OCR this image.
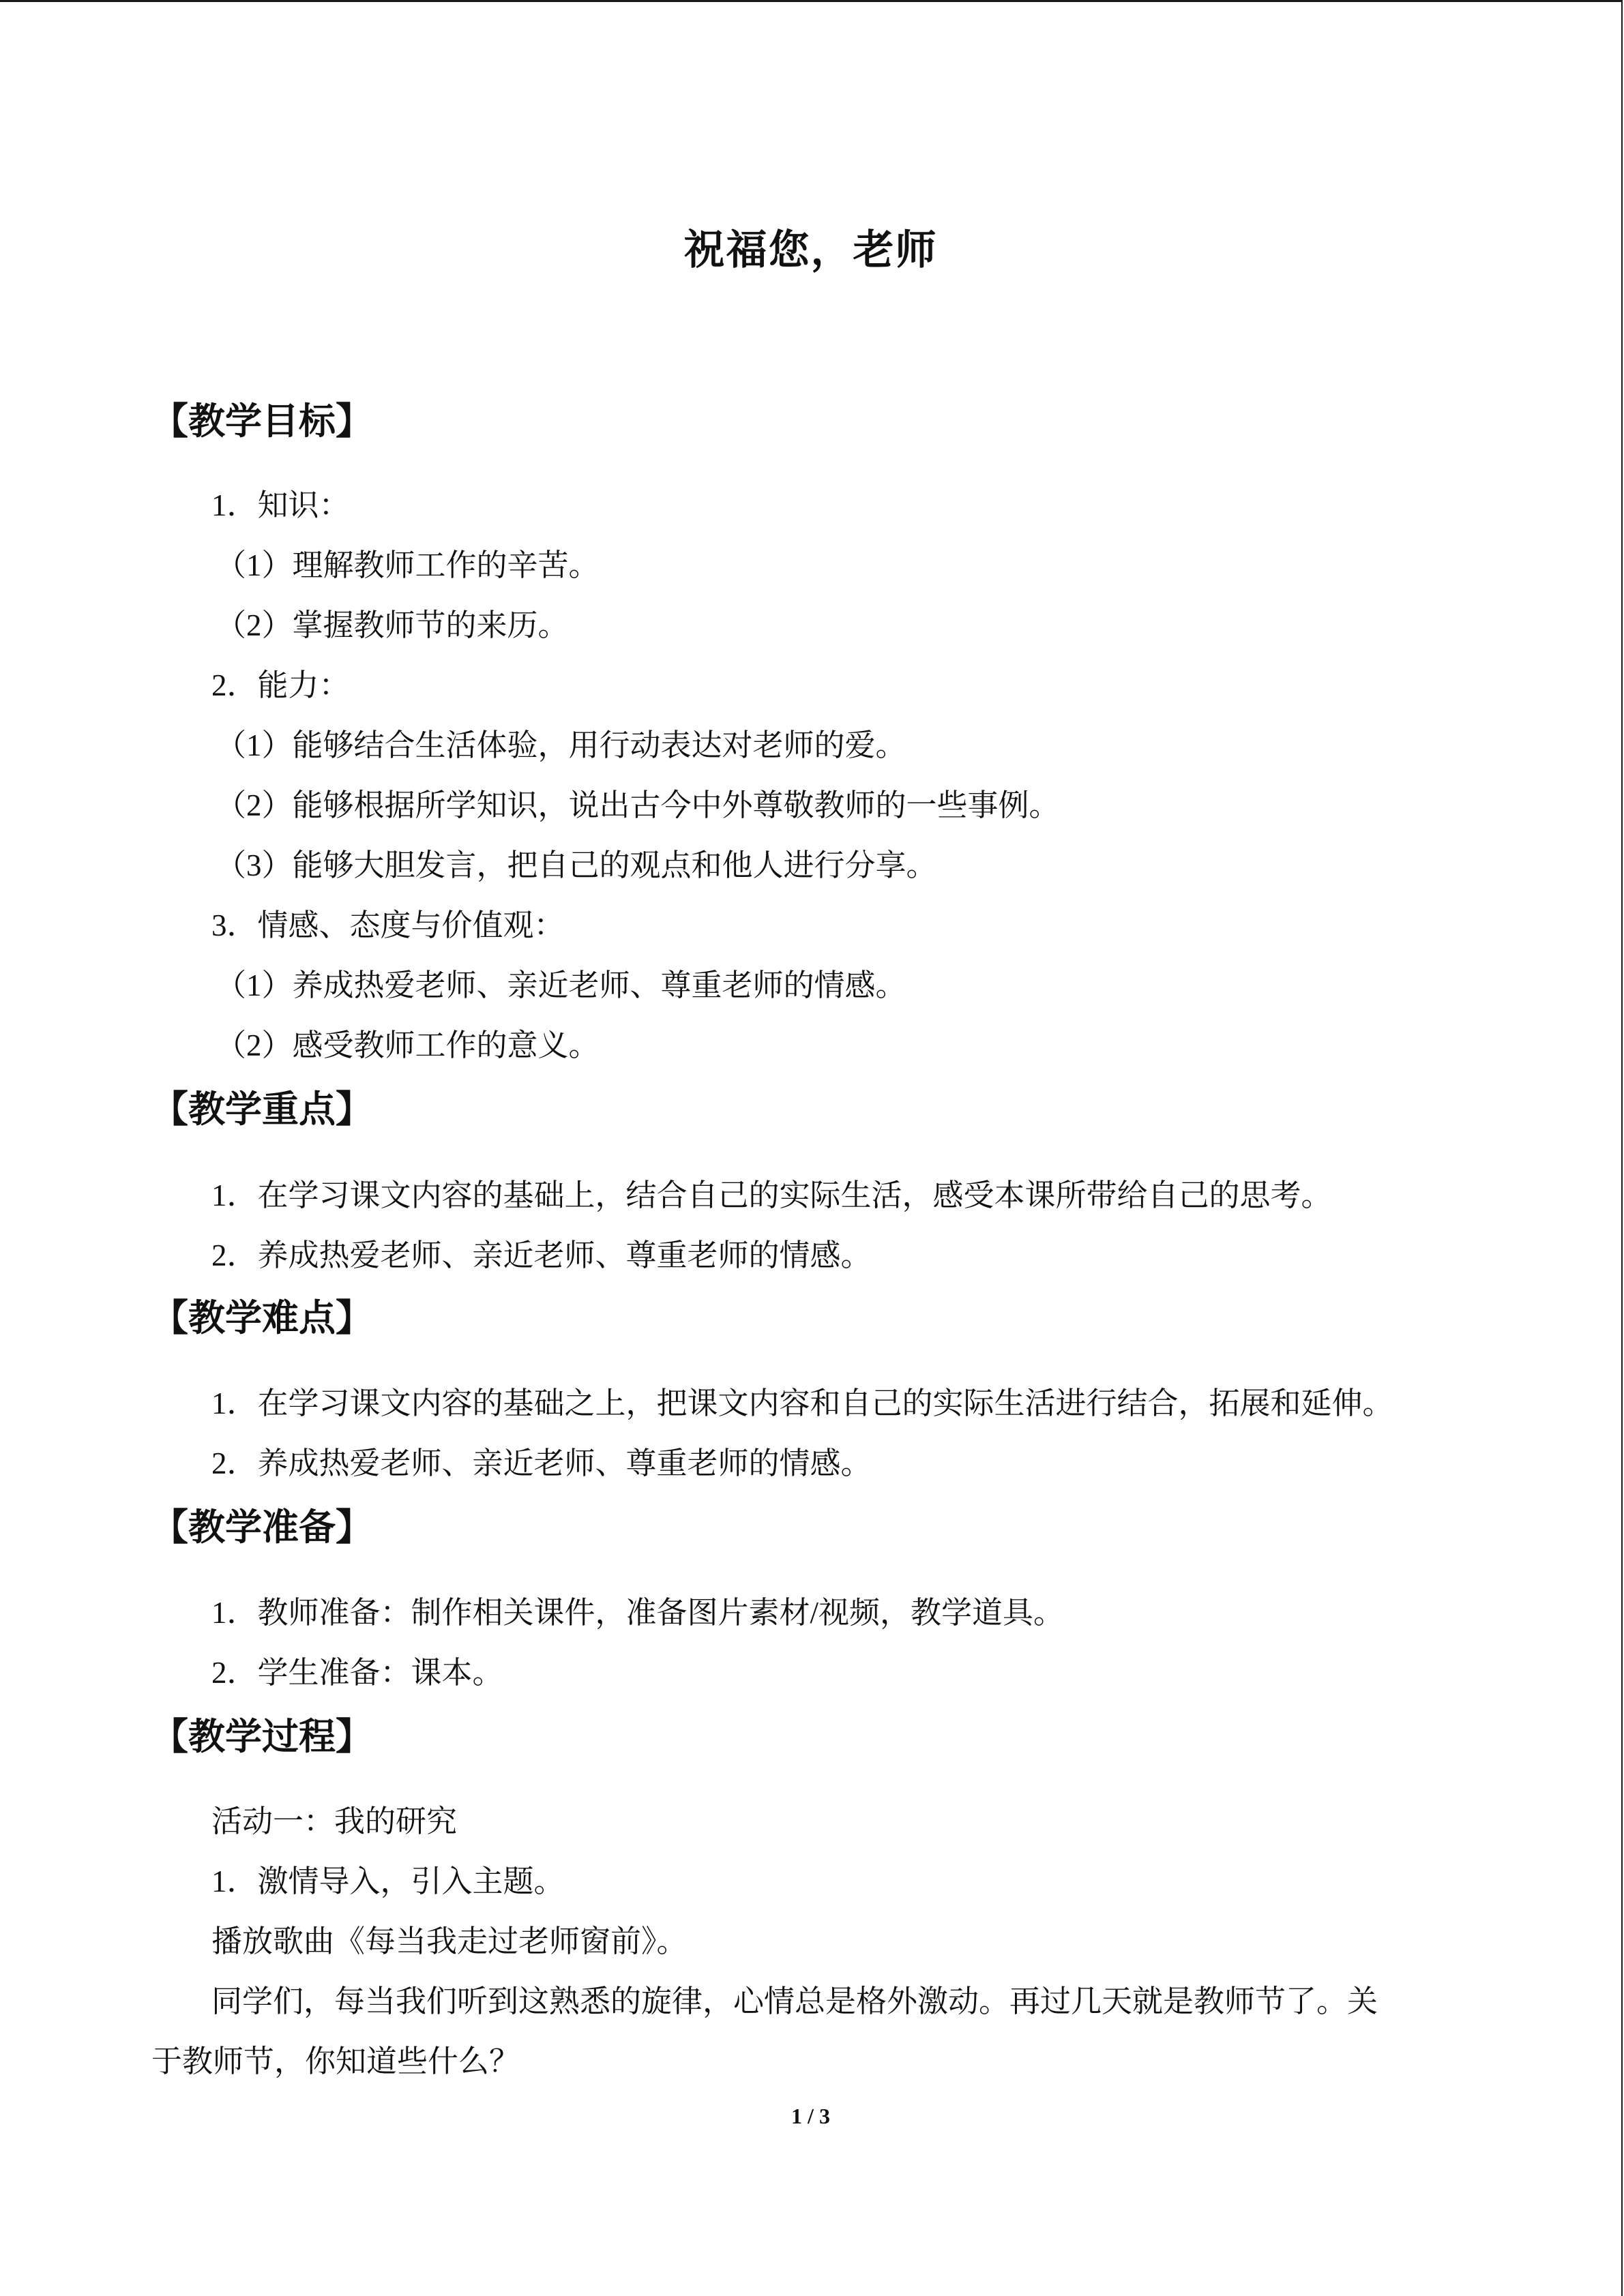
祝福您，老师
【教学目标】
1．知识：
（1）理解教师工作的辛苦。
（2）掌握教师节的来历。
2．能力：
（1）能够结合生活体验，用行动表达对老师的爱。
（2）能够根据所学知识，说出古今中外尊敬教师的一些事例。
（3）能够大胆发言，把自己的观点和他人进行分享。
3．情感、态度与价值观：
（1）养成热爱老师、亲近老师、尊重老师的情感。
（2）感受教师工作的意义。
【教学重点】
1．在学习课文内容的基础上，结合自己的实际生活，感受本课所带给自己的思考。
2．养成热爱老师、亲近老师、尊重老师的情感。
【教学难点】
1．在学习课文内容的基础之上，把课文内容和自己的实际生活进行结合，拓展和延伸。
2．养成热爱老师、亲近老师、尊重老师的情感。
【教学准备】
1．教师准备：制作相关课件，准备图片素材/视频，教学道具。
2．学生准备：课本。
【教学过程】
活动一：我的研究
1．激情导入，引入主题。
播放歌曲《每当我走过老师窗前》。
同学们，每当我们听到这熟悉的旋律，心情总是格外激动。再过几天就是教师节了。关
于教师节，你知道些什么？
1 / 3
